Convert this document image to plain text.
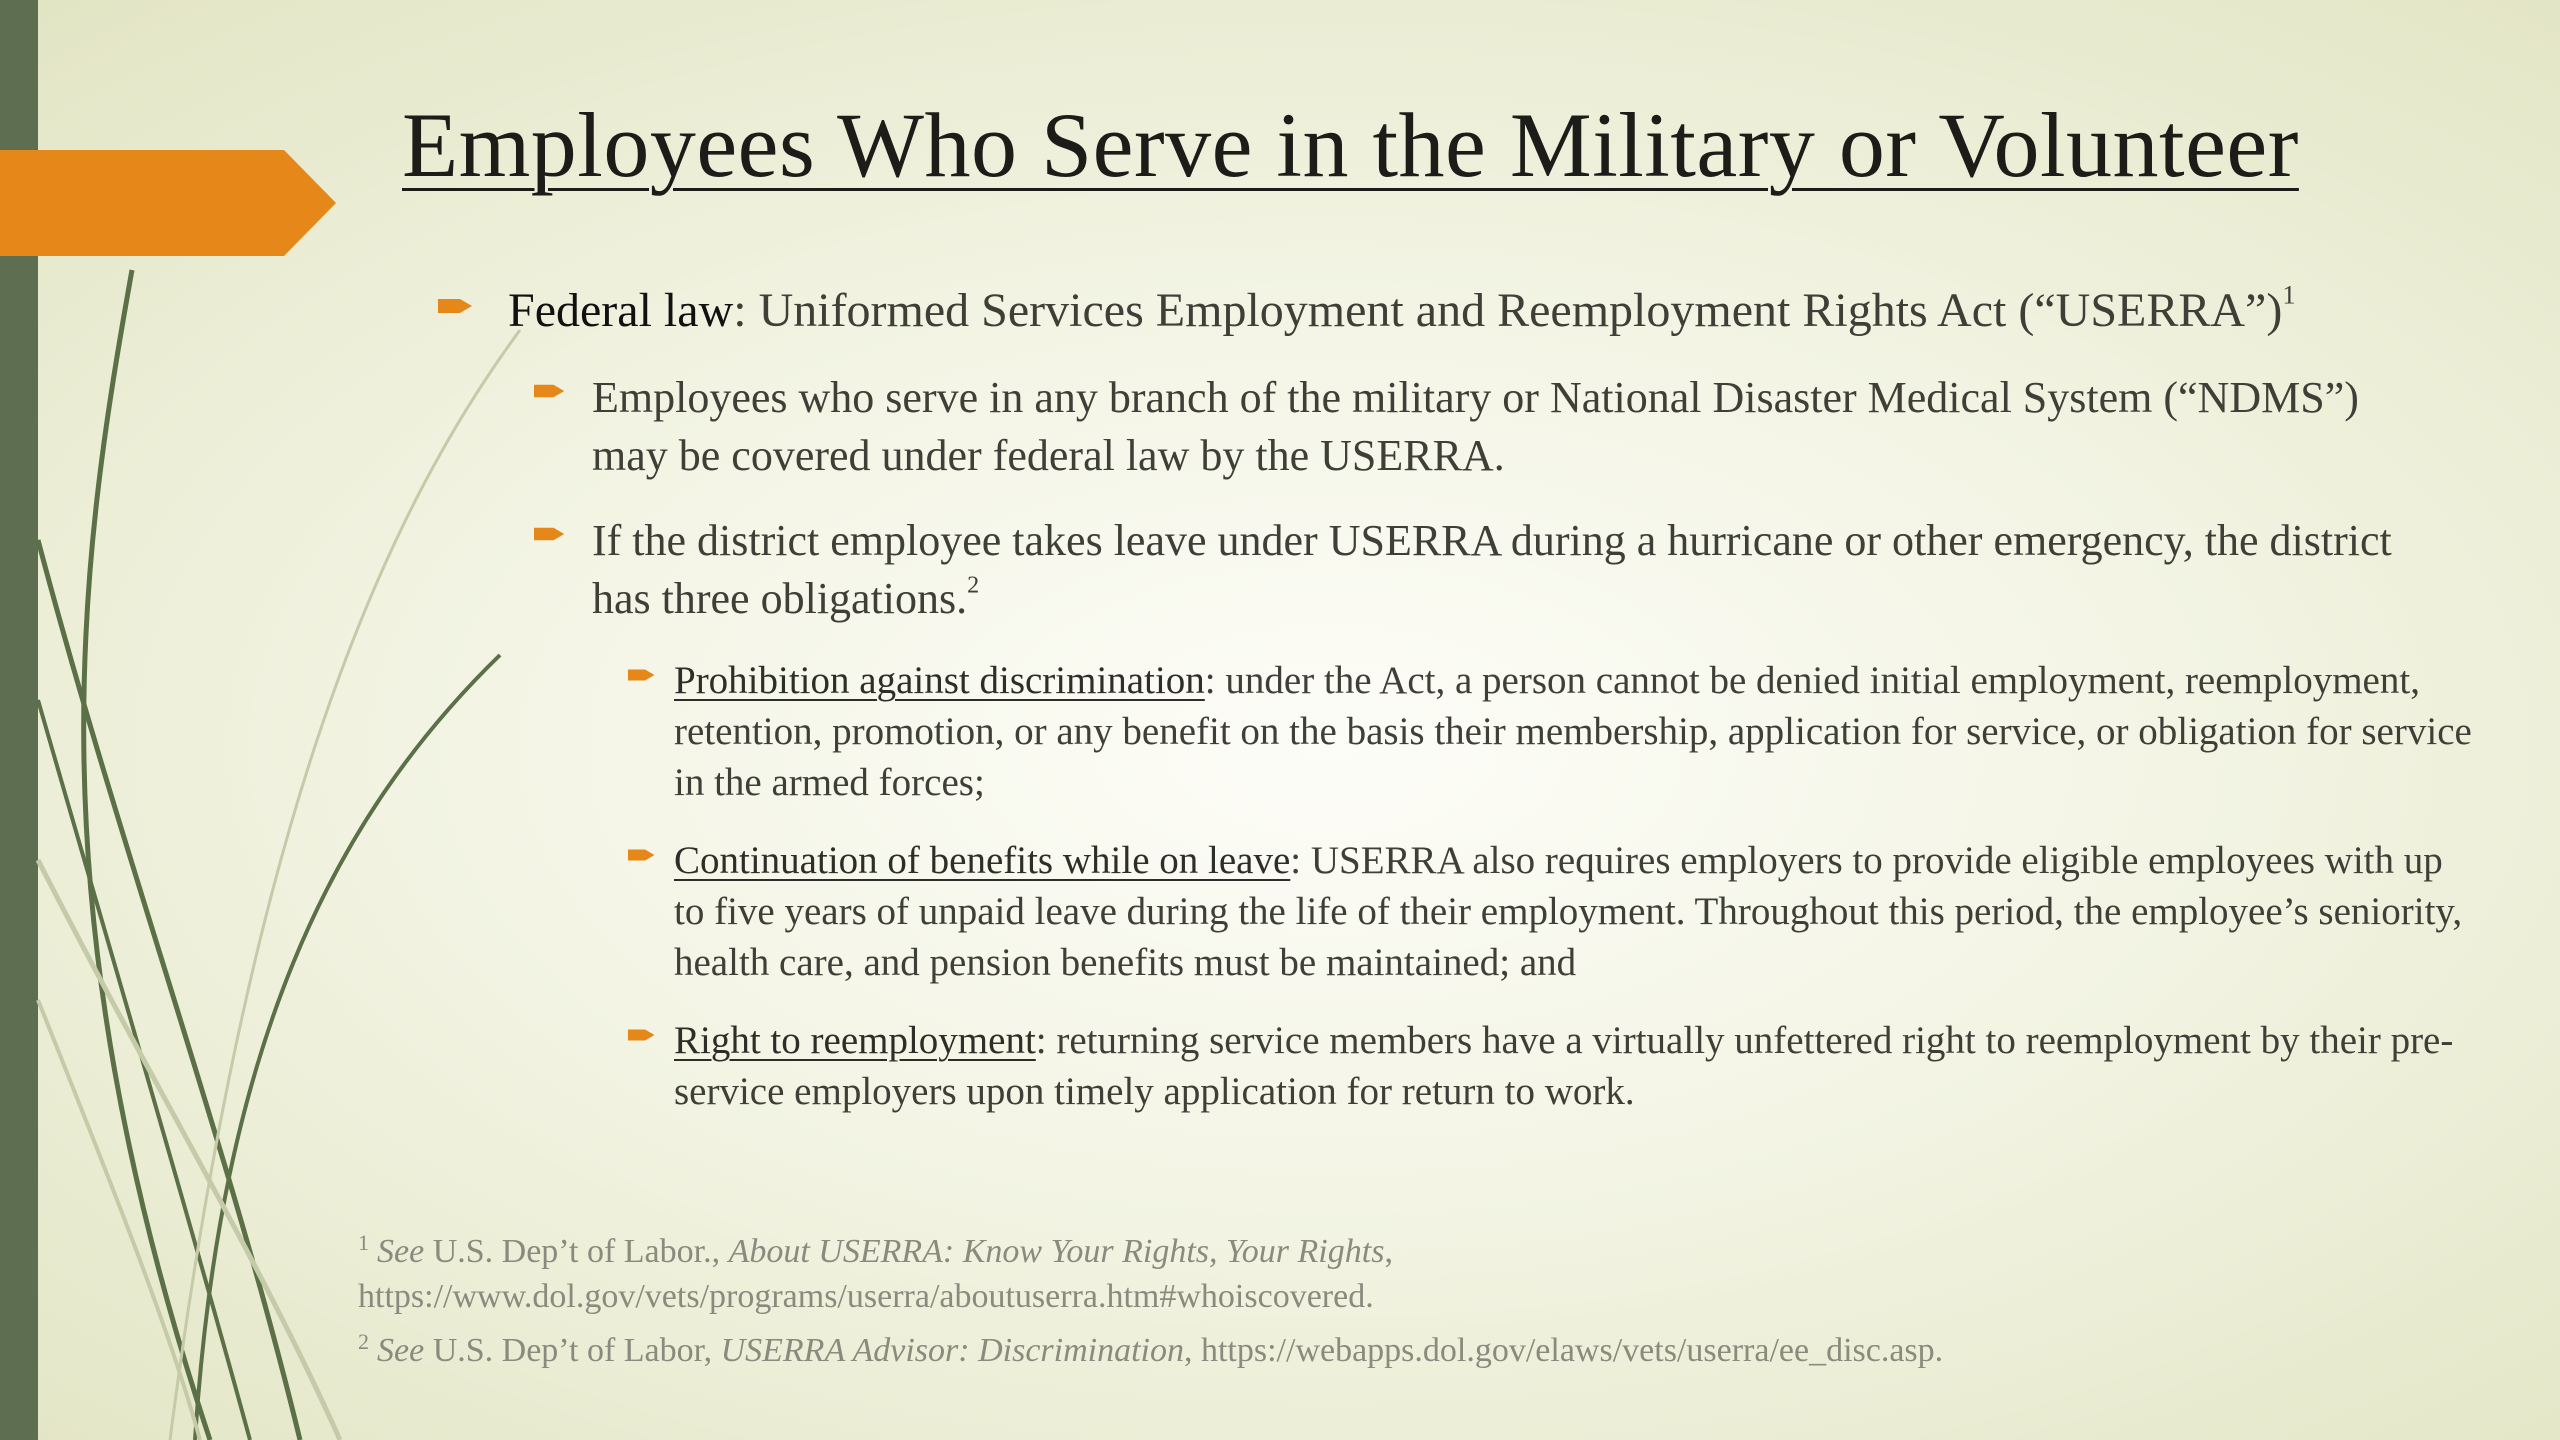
Employees Who Serve in the Military or Volunteer
Federal law: Uniformed Services Employment and Reemployment Rights Act (“USERRA”)$^1$
Employees who serve in any branch of the military or National Disaster Medical System (“NDMS”) may be covered under federal law by the USERRA.
If the district employee takes leave under USERRA during a hurricane or other emergency, the district has three obligations.$^2$
Prohibition against discrimination: under the Act, a person cannot be denied initial employment, reemployment, retention, promotion, or any benefit on the basis their membership, application for service, or obligation for service in the armed forces;
Continuation of benefits while on leave: USERRA also requires employers to provide eligible employees with up to five years of unpaid leave during the life of their employment. Throughout this period, the employee’s seniority, health care, and pension benefits must be maintained; and
Right to reemployment: returning service members have a virtually unfettered right to reemployment by their pre-service employers upon timely application for return to work.
$^1$ See U.S. Dep’t of Labor., About USERRA: Know Your Rights, Your Rights,
https://www.dol.gov/vets/programs/userra/aboutuserra.htm#whoiscovered.
$^2$ See U.S. Dep’t of Labor, USERRA Advisor: Discrimination, https://webapps.dol.gov/elaws/vets/userra/ee_disc.asp.
